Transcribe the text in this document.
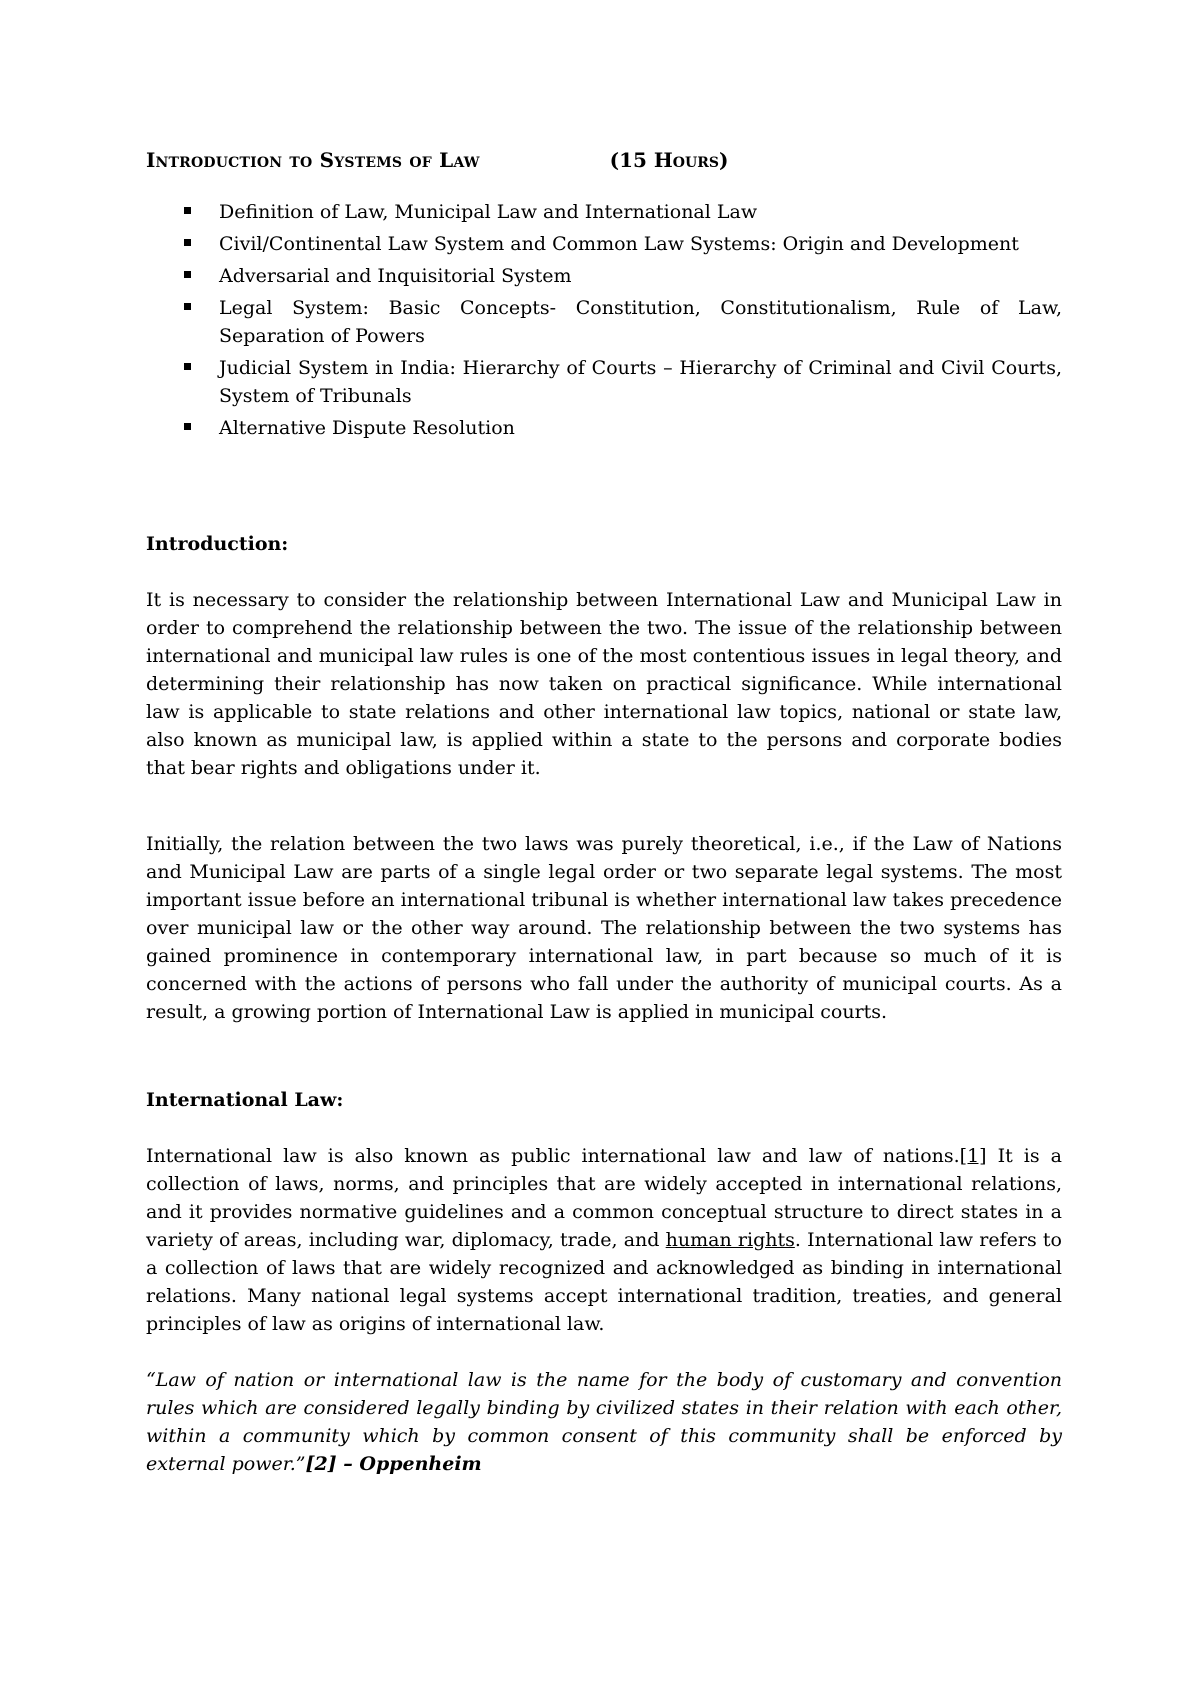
Introduction to Systems of Law	(15 Hours)
Definition of Law, Municipal Law and International Law
Civil/Continental Law System and Common Law Systems: Origin and Development
Adversarial and Inquisitorial System
Legal System: Basic Concepts- Constitution, Constitutionalism, Rule of Law, Separation of Powers
Judicial System in India: Hierarchy of Courts – Hierarchy of Criminal and Civil Courts, System of Tribunals
Alternative Dispute Resolution
Introduction:

It is necessary to consider the relationship between International Law and Municipal Law in order to comprehend the relationship between the two. The issue of the relationship between international and municipal law rules is one of the most contentious issues in legal theory, and determining their relationship has now taken on practical significance. While international law is applicable to state relations and other international law topics, national or state law, also known as municipal law, is applied within a state to the persons and corporate bodies that bear rights and obligations under it.

Initially, the relation between the two laws was purely theoretical, i.e., if the Law of Nations and Municipal Law are parts of a single legal order or two separate legal systems. The most important issue before an international tribunal is whether international law takes precedence over municipal law or the other way around. The relationship between the two systems has gained prominence in contemporary international law, in part because so much of it is concerned with the actions of persons who fall under the authority of municipal courts. As a result, a growing portion of International Law is applied in municipal courts.

International Law:

International law is also known as public international law and law of nations.[1] It is a collection of laws, norms, and principles that are widely accepted in international relations, and it provides normative guidelines and a common conceptual structure to direct states in a variety of areas, including war, diplomacy, trade, and human rights. International law refers to a collection of laws that are widely recognized and acknowledged as binding in international relations. Many national legal systems accept international tradition, treaties, and general principles of law as origins of international law.

“Law of nation or international law is the name for the body of customary and convention rules which are considered legally binding by civilized states in their relation with each other, within a community which by common consent of this community shall be enforced by external power.”[2] – Oppenheim
